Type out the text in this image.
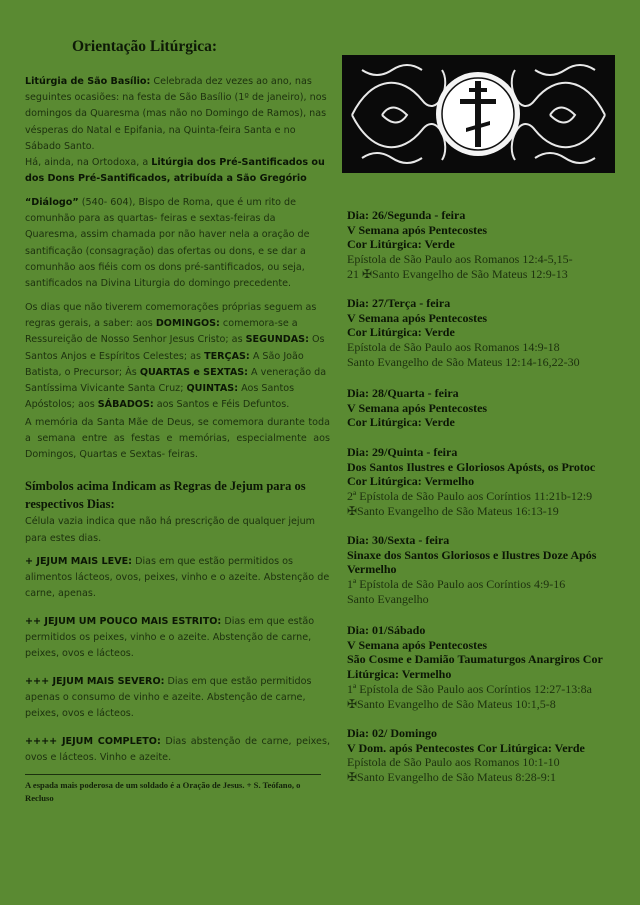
Orientação Litúrgica:

Litúrgia de São Basílio: Celebrada dez vezes ao ano, nas seguintes ocasiões: na festa de São Basílio (1º de janeiro), nos domingos da Quaresma (mas não no Domingo de Ramos), nas vésperas do Natal e Epifania, na Quinta-feira Santa e no Sábado Santo.
Há, ainda, na Ortodoxa, a Litúrgia dos Pré-Santificados ou dos Dons Pré-Santificados, atribuída a São Gregório

“Diálogo” (540- 604), Bispo de Roma, que é um rito de comunhão para as quartas- feiras e sextas-feiras da Quaresma, assim chamada por não haver nela a oração de santificação (consagração) das ofertas ou dons, e se dar a comunhão aos fiéis com os dons pré-santificados, ou seja, santificados na Divina Liturgia do domingo precedente.

Os dias que não tiverem comemorações próprias seguem as regras gerais, a saber: aos DOMINGOS: comemora-se a Ressureição de Nosso Senhor Jesus Cristo; as SEGUNDAS: Os Santos Anjos e Espíritos Celestes; as TERÇAS: A São João Batista, o Precursor; Às QUARTAS e SEXTAS: A veneração da Santíssima Vivicante Santa Cruz; QUINTAS: Aos Santos Apóstolos; aos SÁBADOS: aos Santos e Féis Defuntos.

A memória da Santa Mãe de Deus, se comemora durante toda a semana entre as festas e memórias, especialmente aos Domingos, Quartas e Sextas- feiras.

Símbolos acima Indicam as Regras de Jejum para os respectivos Dias:
Célula vazia indica que não há prescrição de qualquer jejum para estes dias.

+ JEJUM MAIS LEVE: Dias em que estão permitidos os alimentos lácteos, ovos, peixes, vinho e o azeite. Abstenção de carne, apenas.

++ JEJUM UM POUCO MAIS ESTRITO: Dias em que estão permitidos os peixes, vinho e o azeite. Abstenção de carne, peixes, ovos e lácteos.

+++ JEJUM MAIS SEVERO: Dias em que estão permitidos apenas o consumo de vinho e azeite. Abstenção de carne, peixes, ovos e lácteos.

++++ JEJUM COMPLETO: Dias abstenção de carne, peixes, ovos e lácteos. Vinho e azeite.

A espada mais poderosa de um soldado é a Oração de Jesus. + S. Teófano, o Recluso
Dia: 26/Segunda - feira
V Semana após Pentecostes
Cor Litúrgica: Verde
Epístola de São Paulo aos Romanos 12:4-5,15-
21 ✠Santo Evangelho de São Mateus 12:9-13
Dia: 27/Terça - feira
V Semana após Pentecostes
Cor Litúrgica: Verde
Epístola de São Paulo aos Romanos 14:9-18
Santo Evangelho de São Mateus 12:14-16,22-30
Dia: 28/Quarta - feira
V Semana após Pentecostes
Cor Litúrgica: Verde
Dia: 29/Quinta - feira
Dos Santos Ilustres e Gloriosos Apósts, os Protoc
Cor Litúrgica: Vermelho
2ª Epístola de São Paulo aos Coríntios 11:21b-12:9
✠Santo Evangelho de São Mateus 16:13-19
Dia: 30/Sexta - feira
Sinaxe dos Santos Gloriosos e Ilustres Doze Após
Vermelho
1ª Epístola de São Paulo aos Coríntios 4:9-16
Santo Evangelho
Dia: 01/Sábado
V Semana após Pentecostes
São Cosme e Damião Taumaturgos Anargiros Cor
Litúrgica: Vermelho
1ª Epístola de São Paulo aos Coríntios 12:27-13:8a
✠Santo Evangelho de São Mateus 10:1,5-8
Dia: 02/ Domingo
V Dom. após Pentecostes Cor Litúrgica: Verde
Epístola de São Paulo aos Romanos 10:1-10
✠Santo Evangelho de São Mateus 8:28-9:1
